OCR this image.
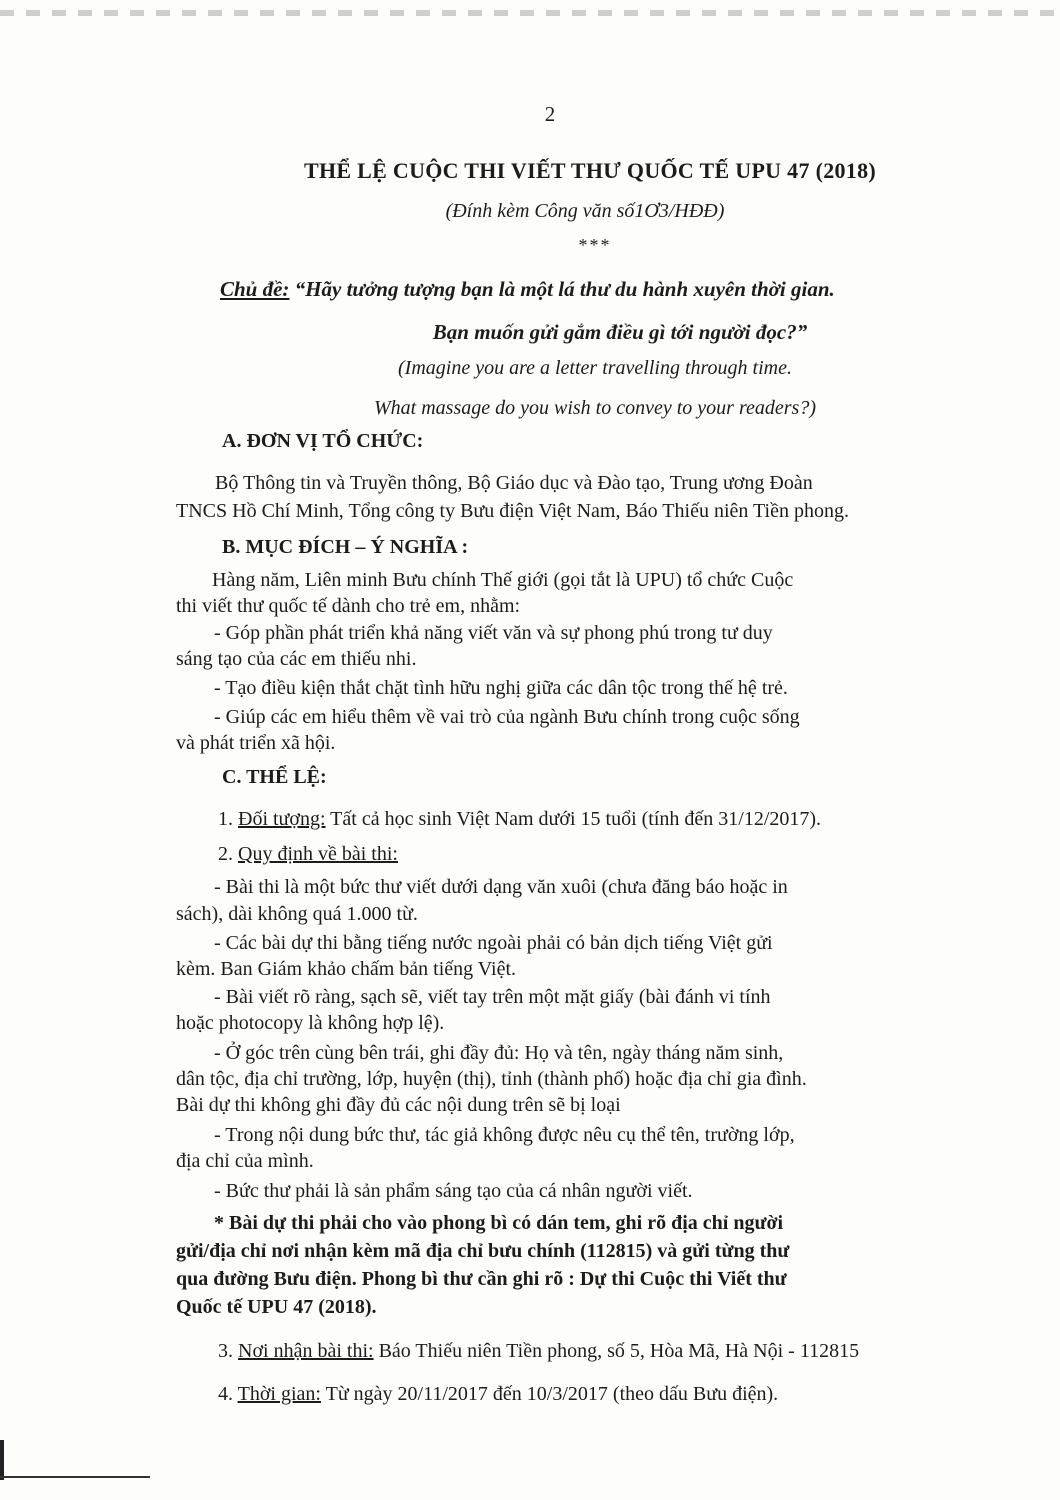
2
THỂ LỆ CUỘC THI VIẾT THƯ QUỐC TẾ UPU 47 (2018)
(Đính kèm Công văn số1Ơ3/HĐĐ)
***
Chủ đề: “Hãy tưởng tượng bạn là một lá thư du hành xuyên thời gian.
Bạn muốn gửi gắm điều gì tới người đọc?”
(Imagine you are a letter travelling through time.
What massage do you wish to convey to your readers?)
A. ĐƠN VỊ TỔ CHỨC:
Bộ Thông tin và Truyền thông, Bộ Giáo dục và Đào tạo, Trung ương Đoàn
TNCS Hồ Chí Minh, Tổng công ty Bưu điện Việt Nam, Báo Thiếu niên Tiền phong.
B. MỤC ĐÍCH – Ý NGHĨA :
Hàng năm, Liên minh Bưu chính Thế giới (gọi tắt là UPU) tổ chức Cuộc
thi viết thư quốc tế dành cho trẻ em, nhằm:
- Góp phần phát triển khả năng viết văn và sự phong phú trong tư duy
sáng tạo của các em thiếu nhi.
- Tạo điều kiện thắt chặt tình hữu nghị giữa các dân tộc trong thế hệ trẻ.
- Giúp các em hiểu thêm về vai trò của ngành Bưu chính trong cuộc sống
và phát triển xã hội.
C. THỂ LỆ:
1. Đối tượng: Tất cả học sinh Việt Nam dưới 15 tuổi (tính đến 31/12/2017).
2. Quy định về bài thi:
- Bài thi là một bức thư viết dưới dạng văn xuôi (chưa đăng báo hoặc in
sách), dài không quá 1.000 từ.
- Các bài dự thi bằng tiếng nước ngoài phải có bản dịch tiếng Việt gửi
kèm. Ban Giám khảo chấm bản tiếng Việt.
- Bài viết rõ ràng, sạch sẽ, viết tay trên một mặt giấy (bài đánh vi tính
hoặc photocopy là không hợp lệ).
- Ở góc trên cùng bên trái, ghi đầy đủ: Họ và tên, ngày tháng năm sinh,
dân tộc, địa chỉ trường, lớp, huyện (thị), tỉnh (thành phố) hoặc địa chỉ gia đình.
Bài dự thi không ghi đầy đủ các nội dung trên sẽ bị loại
- Trong nội dung bức thư, tác giả không được nêu cụ thể tên, trường lớp,
địa chỉ của mình.
- Bức thư phải là sản phẩm sáng tạo của cá nhân người viết.
* Bài dự thi phải cho vào phong bì có dán tem, ghi rõ địa chỉ người
gửi/địa chỉ nơi nhận kèm mã địa chỉ bưu chính (112815) và gửi từng thư
qua đường Bưu điện. Phong bì thư cần ghi rõ : Dự thi Cuộc thi Viết thư
Quốc tế UPU 47 (2018).
3. Nơi nhận bài thi: Báo Thiếu niên Tiền phong, số 5, Hòa Mã, Hà Nội - 112815
4. Thời gian: Từ ngày 20/11/2017 đến 10/3/2017 (theo dấu Bưu điện).
